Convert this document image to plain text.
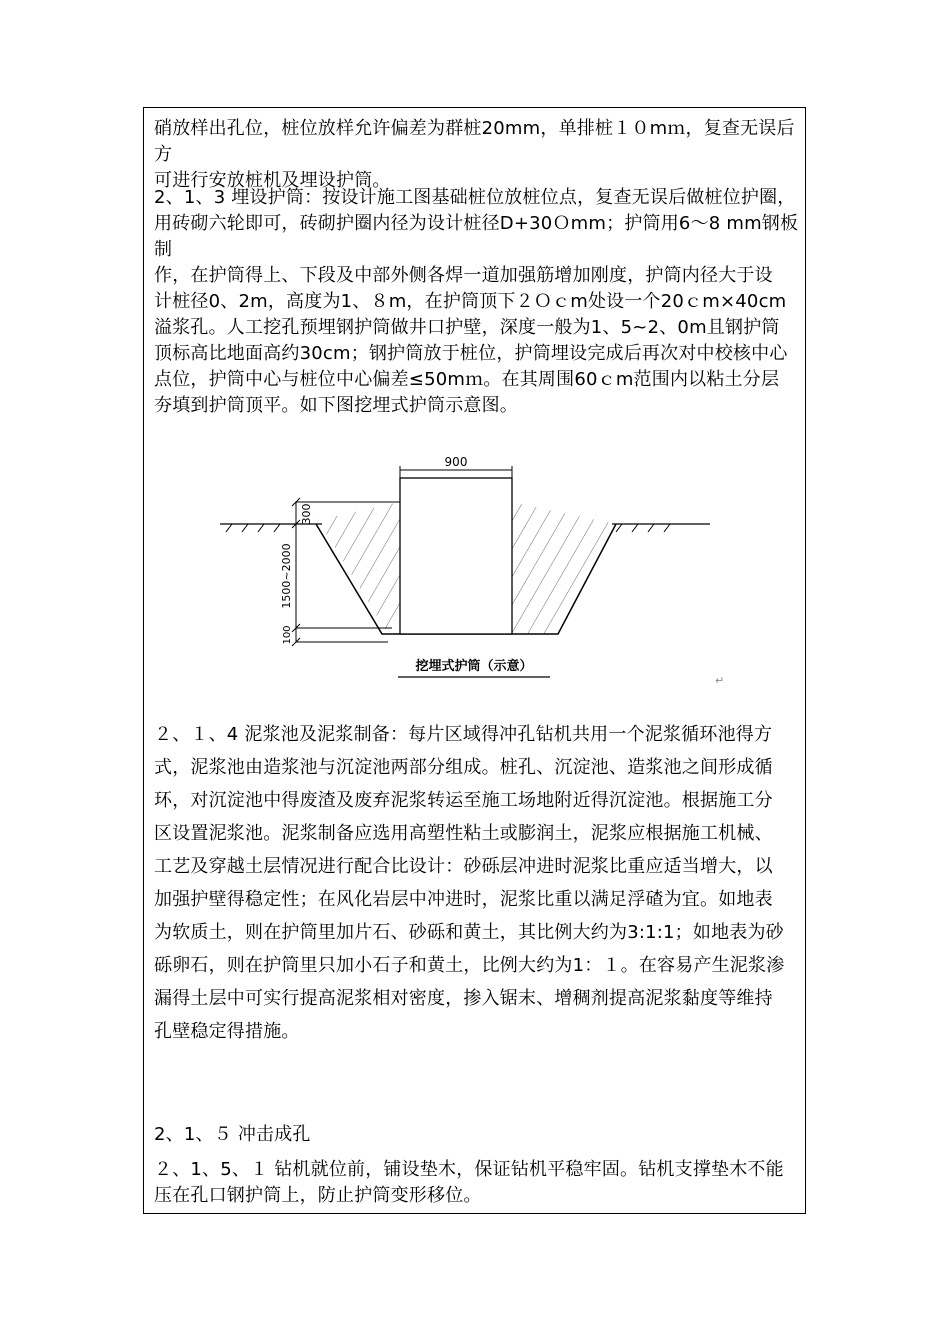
硝放样出孔位，桩位放样允许偏差为群桩20mm，单排桩１０mｍ，复查无误后方
可进行安放桩机及埋设护筒。

2、1、3 埋设护筒：按设计施工图基础桩位放桩位点，复查无误后做桩位护圈，
用砖砌六轮即可，砖砌护圈内径为设计桩径D+30Ｏmm；护筒用6～8 mm钢板制
作，在护筒得上、下段及中部外侧各焊一道加强筋增加刚度，护筒内径大于设
计桩径0、2m，高度为1、８m，在护筒顶下２Ｏｃm处设一个20ｃm×40cm
溢浆孔。人工挖孔预埋钢护筒做井口护壁，深度一般为1、5~2、0m且钢护筒
顶标高比地面高约30cm；钢护筒放于桩位，护筒埋设完成后再次对中校核中心
点位，护筒中心与桩位中心偏差≤50mｍ。在其周围60ｃm范围内以粘土分层
夯填到护筒顶平。如下图挖埋式护筒示意图。

900
300
1500~2000
100
挖埋式护筒（示意）
↵

２、１、4 泥浆池及泥浆制备：每片区域得冲孔钻机共用一个泥浆循环池得方
式，泥浆池由造浆池与沉淀池两部分组成。桩孔、沉淀池、造浆池之间形成循
环，对沉淀池中得废渣及废弃泥浆转运至施工场地附近得沉淀池。根据施工分
区设置泥浆池。泥浆制备应选用高塑性粘土或膨润土，泥浆应根据施工机械、
工艺及穿越土层情况进行配合比设计：砂砾层冲进时泥浆比重应适当增大，以
加强护壁得稳定性；在风化岩层中冲进时，泥浆比重以满足浮碴为宜。如地表
为软质土，则在护筒里加片石、砂砾和黄土，其比例大约为3:1:1；如地表为砂
砾卵石，则在护筒里只加小石子和黄土，比例大约为1：１。在容易产生泥浆渗
漏得土层中可实行提高泥浆相对密度，掺入锯末、增稠剂提高泥浆黏度等维持
孔壁稳定得措施。

2、1、５ 冲击成孔

２、1、5、１ 钻机就位前，铺设垫木，保证钻机平稳牢固。钻机支撑垫木不能
压在孔口钢护筒上，防止护筒变形移位。
